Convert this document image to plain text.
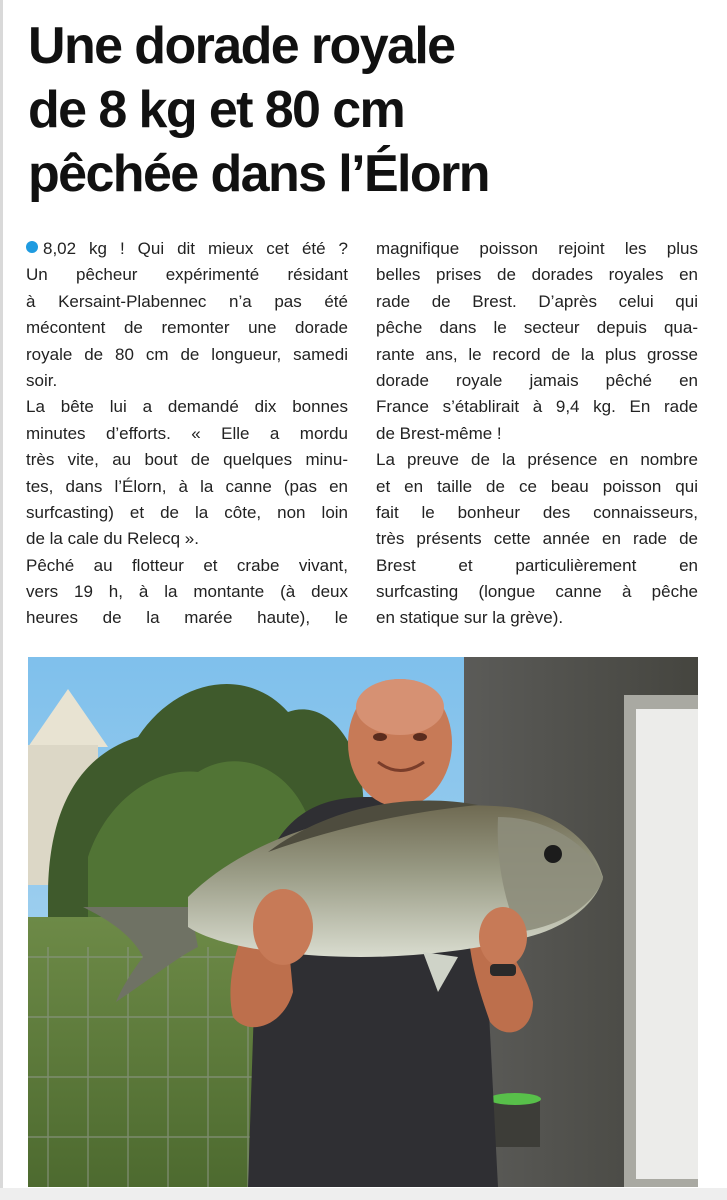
Une dorade royale
de 8 kg et 80 cm
pêchée dans l’Élorn
8,02 kg ! Qui dit mieux cet été ?
Un pêcheur expérimenté résidant
à Kersaint-Plabennec n’a pas été
mécontent de remonter une dorade
royale de 80 cm de longueur, samedi
soir.
La bête lui a demandé dix bonnes
minutes d’efforts. « Elle a mordu
très vite, au bout de quelques minu-
tes, dans l’Élorn, à la canne (pas en
surfcasting) et de la côte, non loin
de la cale du Relecq ».
Pêché au flotteur et crabe vivant,
vers 19 h, à la montante (à deux
heures de la marée haute), le
magnifique poisson rejoint les plus
belles prises de dorades royales en
rade de Brest. D’après celui qui
pêche dans le secteur depuis qua-
rante ans, le record de la plus grosse
dorade royale jamais pêché en
France s’établirait à 9,4 kg. En rade
de Brest-même !
La preuve de la présence en nombre
et en taille de ce beau poisson qui
fait le bonheur des connaisseurs,
très présents cette année en rade de
Brest et particulièrement en
surfcasting (longue canne à pêche
en statique sur la grève).
